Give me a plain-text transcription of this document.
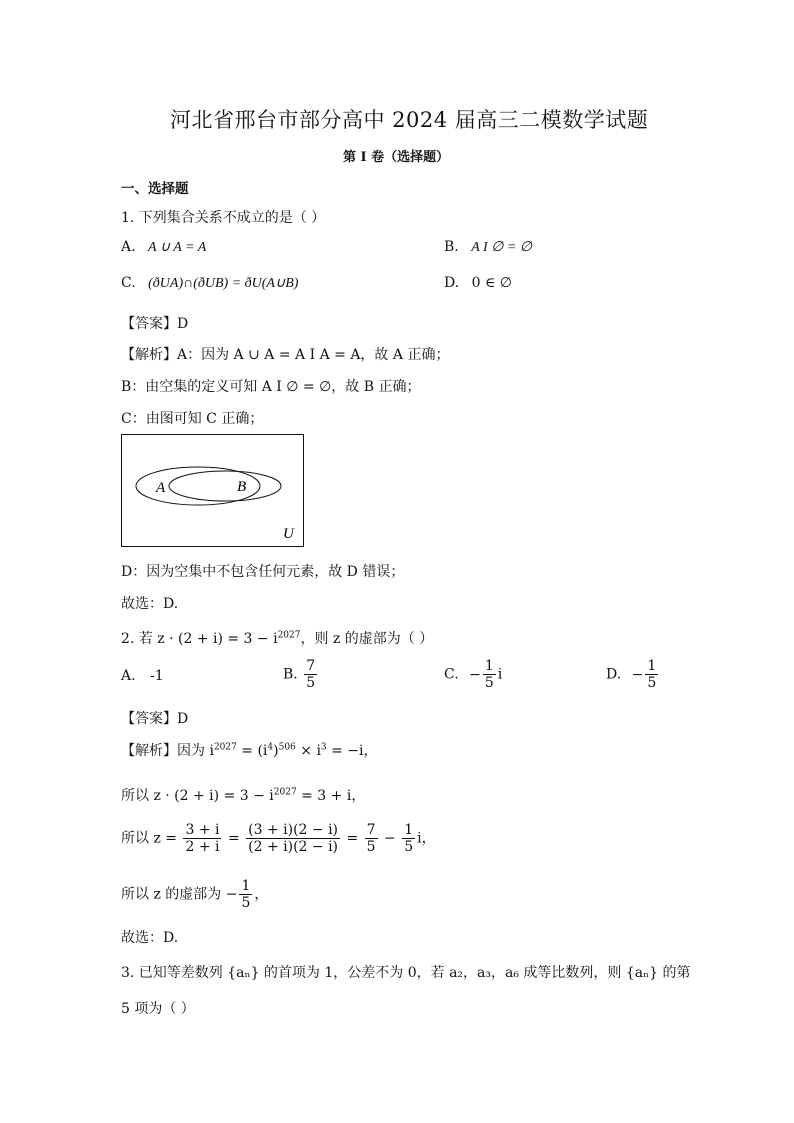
河北省邢台市部分高中 2024 届高三二模数学试题
第 I 卷（选择题）
一、选择题
1. 下列集合关系不成立的是（ ）
A. A ∪ A = A	B. A I ∅ = ∅
C. (ðUA)∩(ðUB) = ðU(A∪B)	D. 0 ∈ ∅
【答案】D
【解析】A：因为 A ∪ A = A I A = A，故 A 正确；
B：由空集的定义可知 A I ∅ = ∅，故 B 正确；
C：由图可知 C 正确；
A	B
U
D：因为空集中不包含任何元素，故 D 错误；
故选：D.
2. 若 $z \cdot (2 + i) = 3 - i^{2027}$，则 z 的虚部为（ ）
A. -1	B. $\frac{7}{5}$	C. − $\frac{1}{5}$ i	D. − $\frac{1}{5}$
【答案】D
【解析】因为 $i^{2027} = (i^4)^{506} \times i^3 = -i$，
所以 $z \cdot (2 + i) = 3 - i^{2027} = 3 + i$，
所以 $z = \frac{3 + i}{2 + i} = \frac{(3 + i)(2 - i)}{(2 + i)(2 - i)} = \frac{7}{5} - \frac{1}{5}$ i，
所以 z 的虚部为 − $\frac{1}{5}$ ，
故选：D.
3. 已知等差数列 {aₙ} 的首项为 1，公差不为 0，若 a₂，a₃，a₆ 成等比数列，则 {aₙ} 的第
5 项为（ ）
